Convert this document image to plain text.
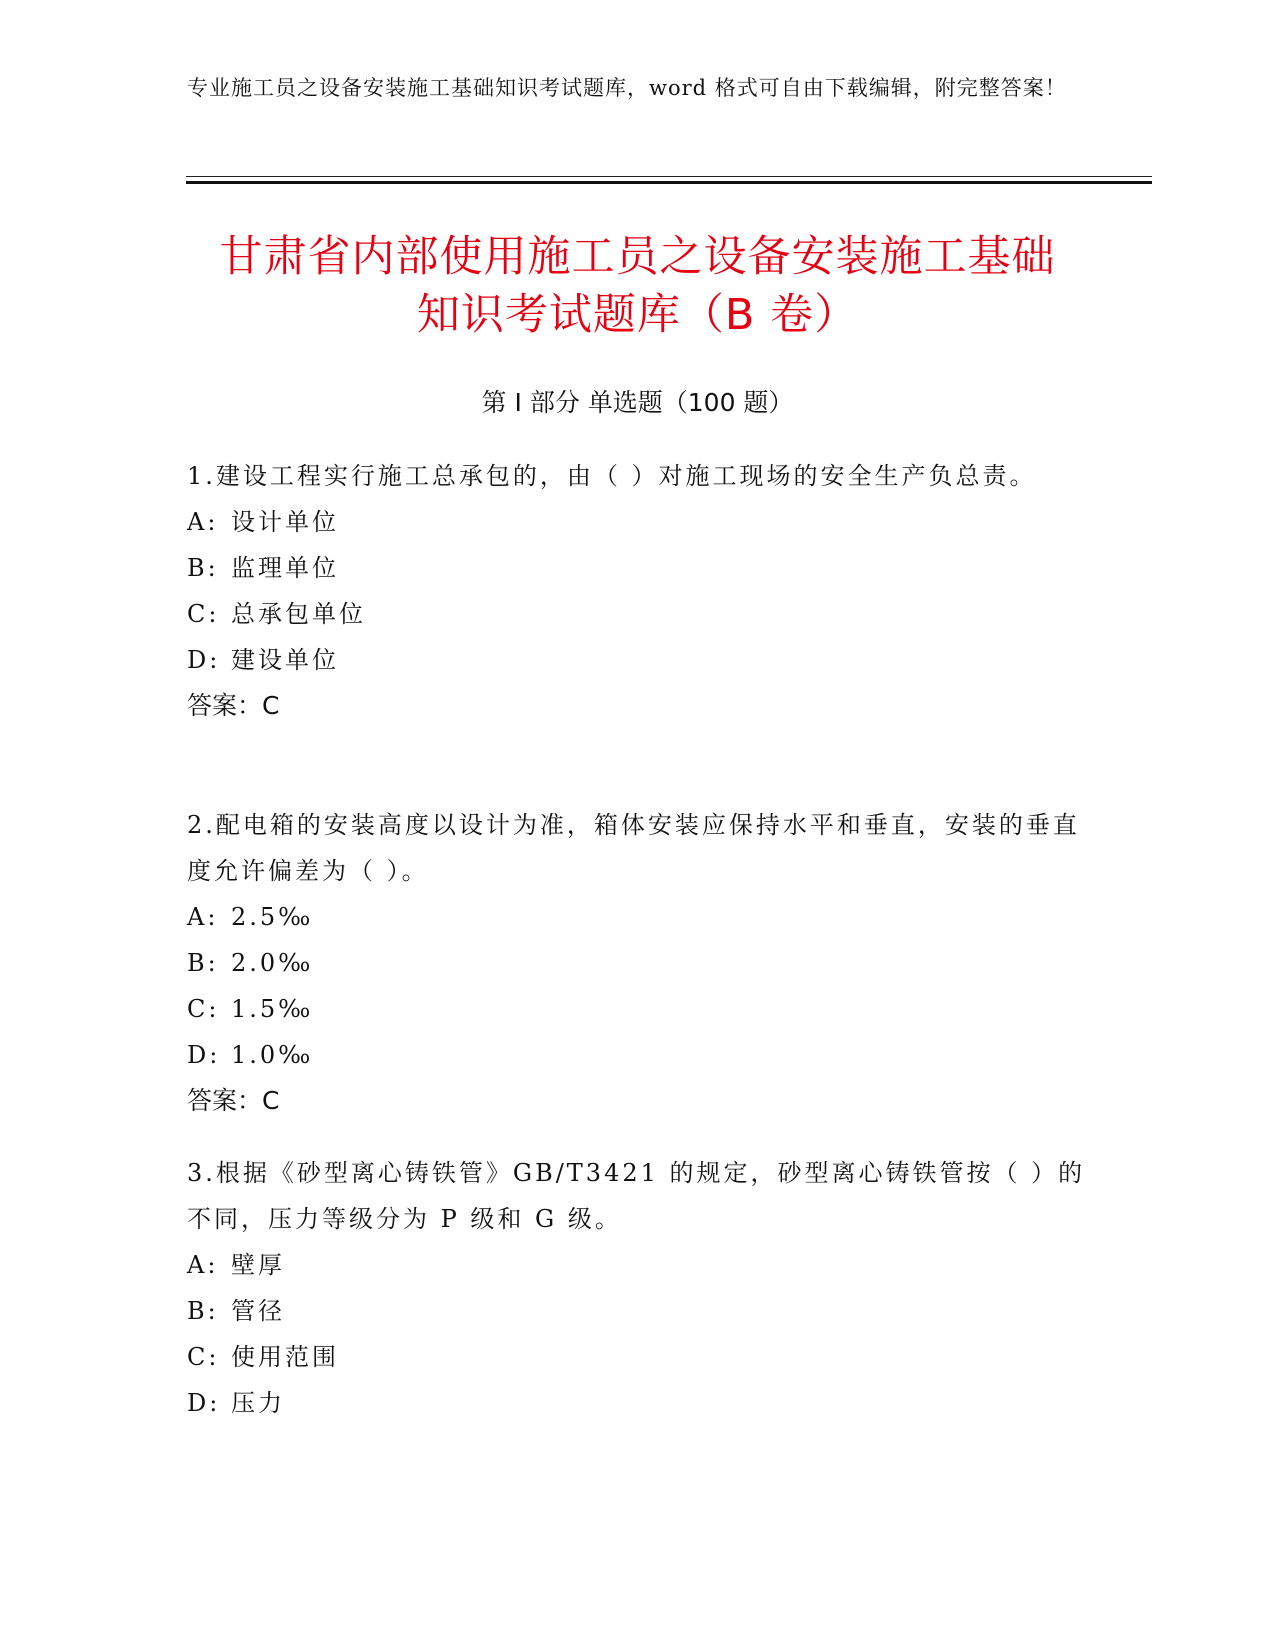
专业施工员之设备安装施工基础知识考试题库，word 格式可自由下载编辑，附完整答案！
甘肃省内部使用施工员之设备安装施工基础
知识考试题库（B 卷）
第 I 部分 单选题（100 题）

1.建设工程实行施工总承包的，由（ ）对施工现场的安全生产负总责。

A: 设计单位

B: 监理单位

C: 总承包单位

D: 建设单位

答案：C

2.配电箱的安装高度以设计为准，箱体安装应保持水平和垂直，安装的垂直度允许偏差为（ ）。

A: 2.5‰

B: 2.0‰

C: 1.5‰

D: 1.0‰

答案：C

3.根据《砂型离心铸铁管》GB/T3421 的规定，砂型离心铸铁管按（ ）的不同，压力等级分为 P 级和 G 级。

A: 壁厚

B: 管径

C: 使用范围

D: 压力
